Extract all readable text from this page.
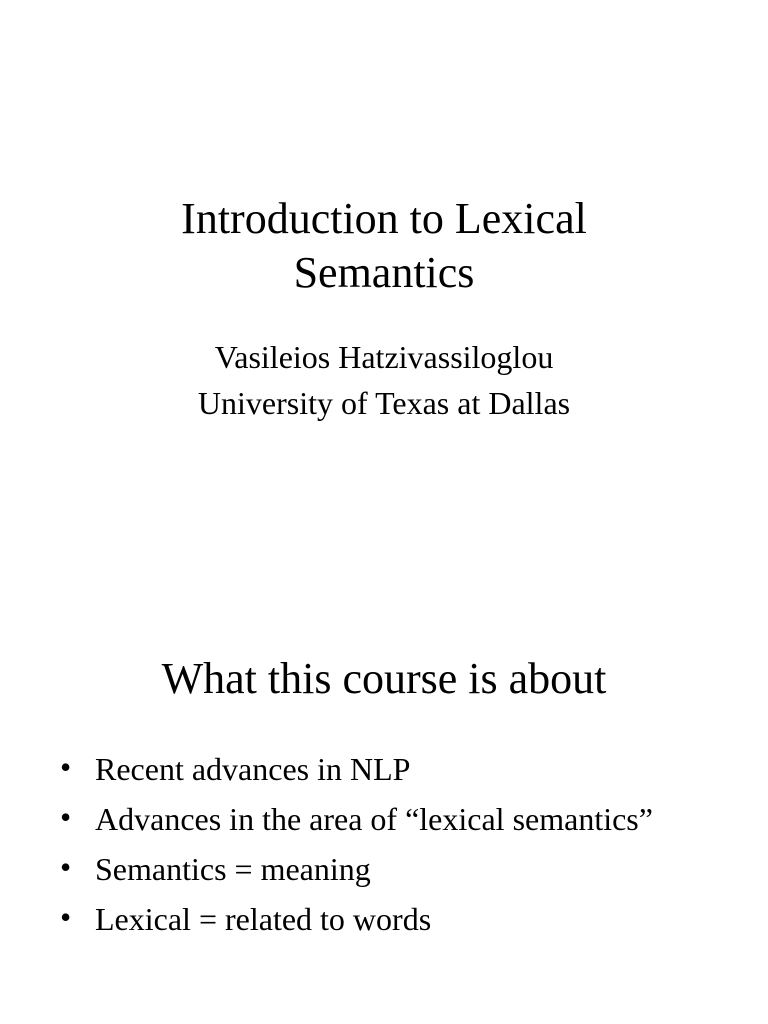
Introduction to Lexical
Semantics
Vasileios Hatzivassiloglou
University of Texas at Dallas
What this course is about
• Recent advances in NLP
• Advances in the area of “lexical semantics”
• Semantics = meaning
• Lexical = related to words
